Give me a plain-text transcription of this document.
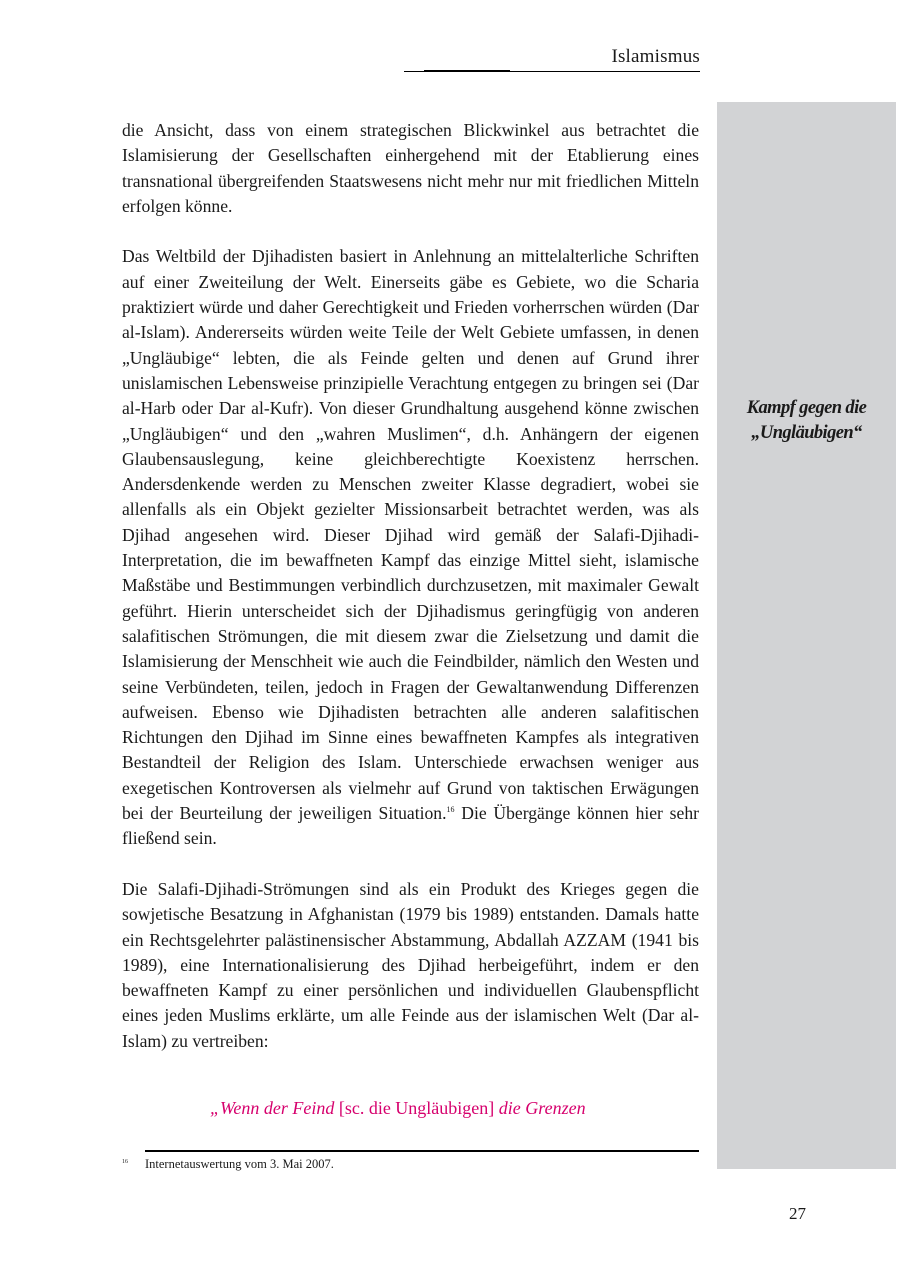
Islamismus
Kampf gegen die
„Ungläubigen“

die Ansicht, dass von einem strategischen Blickwinkel aus betrachtet die Islamisierung der Gesellschaften einhergehend mit der Etablierung eines transnational übergreifenden Staatswesens nicht mehr nur mit friedlichen Mitteln erfolgen könne.

Das Weltbild der Djihadisten basiert in Anlehnung an mittelalterliche Schriften auf einer Zweiteilung der Welt. Einerseits gäbe es Gebiete, wo die Scharia praktiziert würde und daher Gerechtigkeit und Frieden vorherrschen würden (Dar al-Islam). Andererseits würden weite Teile der Welt Gebiete umfassen, in denen „Ungläubige“ lebten, die als Feinde gelten und denen auf Grund ihrer unislamischen Lebensweise prinzipielle Verachtung entgegen zu bringen sei (Dar al-Harb oder Dar al-Kufr). Von dieser Grundhaltung ausgehend könne zwischen „Ungläubigen“ und den „wahren Muslimen“, d.h. Anhängern der eigenen Glaubensauslegung, keine gleichberechtigte Koexistenz herrschen. Andersdenkende werden zu Menschen zweiter Klasse degradiert, wobei sie allenfalls als ein Objekt gezielter Missionsarbeit betrachtet werden, was als Djihad angesehen wird. Dieser Djihad wird gemäß der Salafi-Djihadi-Interpretation, die im bewaffneten Kampf das einzige Mittel sieht, islamische Maßstäbe und Bestimmungen verbindlich durchzusetzen, mit maximaler Gewalt geführt. Hierin unterscheidet sich der Djihadismus geringfügig von anderen salafitischen Strömungen, die mit diesem zwar die Zielsetzung und damit die Islamisierung der Menschheit wie auch die Feindbilder, nämlich den Westen und seine Verbündeten, teilen, jedoch in Fragen der Gewaltanwendung Differenzen aufweisen. Ebenso wie Djihadisten betrachten alle anderen salafitischen Richtungen den Djihad im Sinne eines bewaffneten Kampfes als integrativen Bestandteil der Religion des Islam. Unterschiede erwachsen weniger aus exegetischen Kontroversen als vielmehr auf Grund von taktischen Erwägungen bei der Beurteilung der jeweiligen Situation.$^{16}$ Die Übergänge können hier sehr fließend sein.

Die Salafi-Djihadi-Strömungen sind als ein Produkt des Krieges gegen die sowjetische Besatzung in Afghanistan (1979 bis 1989) entstanden. Damals hatte ein Rechtsgelehrter palästinensischer Abstammung, Abdallah AZZAM (1941 bis 1989), eine Internationalisierung des Djihad herbeigeführt, indem er den bewaffneten Kampf zu einer persönlichen und individuellen Glaubenspflicht eines jeden Muslims erklärte, um alle Feinde aus der islamischen Welt (Dar al-Islam) zu vertreiben:

„Wenn der Feind [sc. die Ungläubigen] die Grenzen
$^{16}$ Internetauswertung vom 3. Mai 2007.
27
